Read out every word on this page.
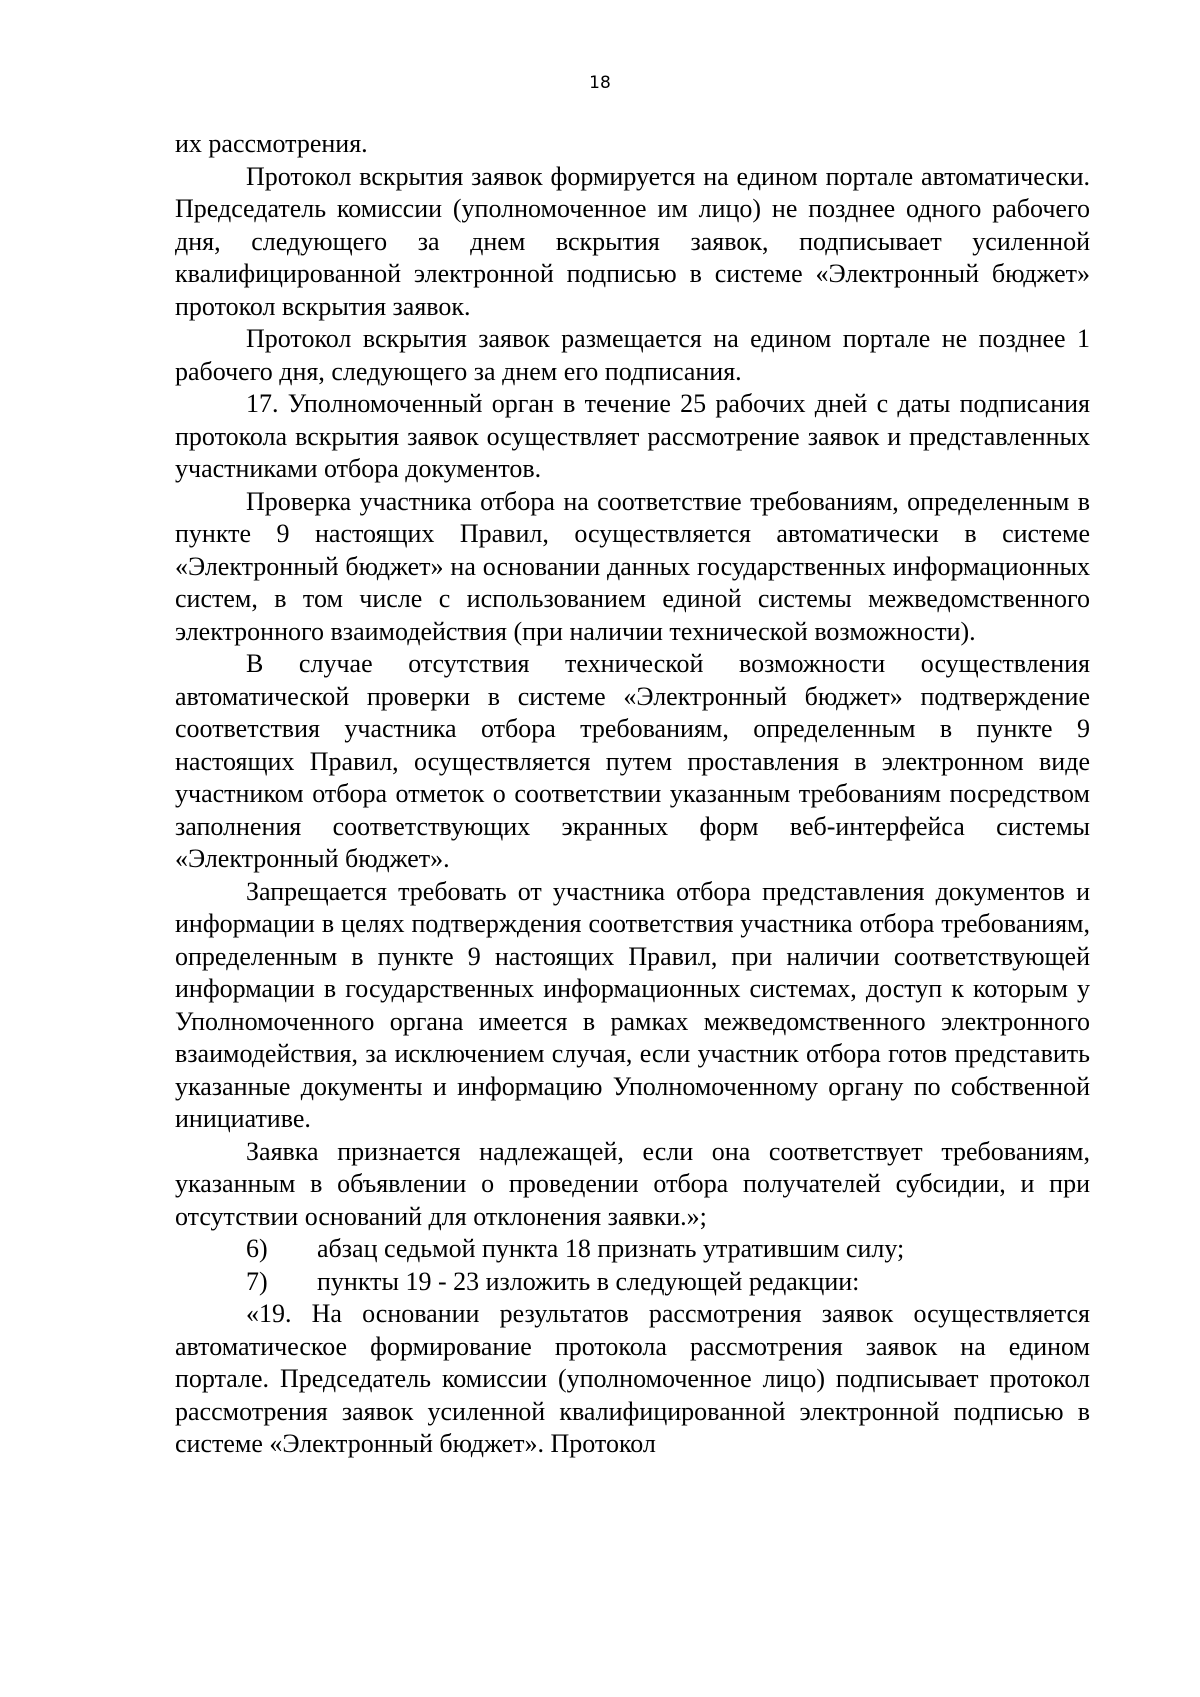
18

их рассмотрения.

Протокол вскрытия заявок формируется на едином портале автоматически. Председатель комиссии (уполномоченное им лицо) не позднее одного рабочего дня, следующего за днем вскрытия заявок, подписывает усиленной квалифицированной электронной подписью в системе «Электронный бюджет» протокол вскрытия заявок.

Протокол вскрытия заявок размещается на едином портале не позднее 1 рабочего дня, следующего за днем его подписания.

17. Уполномоченный орган в течение 25 рабочих дней с даты подписания протокола вскрытия заявок осуществляет рассмотрение заявок и представленных участниками отбора документов.

Проверка участника отбора на соответствие требованиям, определенным в пункте 9 настоящих Правил, осуществляется автоматически в системе «Электронный бюджет» на основании данных государственных информационных систем, в том числе с использованием единой системы межведомственного электронного взаимодействия (при наличии технической возможности).

В случае отсутствия технической возможности осуществления автоматической проверки в системе «Электронный бюджет» подтверждение соответствия участника отбора требованиям, определенным в пункте 9 настоящих Правил, осуществляется путем проставления в электронном виде участником отбора отметок о соответствии указанным требованиям посредством заполнения соответствующих экранных форм веб-интерфейса системы «Электронный бюджет».

Запрещается требовать от участника отбора представления документов и информации в целях подтверждения соответствия участника отбора требованиям, определенным в пункте 9 настоящих Правил, при наличии соответствующей информации в государственных информационных системах, доступ к которым у Уполномоченного органа имеется в рамках межведомственного электронного взаимодействия, за исключением случая, если участник отбора готов представить указанные документы и информацию Уполномоченному органу по собственной инициативе.

Заявка признается надлежащей, если она соответствует требованиям, указанным в объявлении о проведении отбора получателей субсидии, и при отсутствии оснований для отклонения заявки.»;

6) абзац седьмой пункта 18 признать утратившим силу;

7) пункты 19 - 23 изложить в следующей редакции:

«19. На основании результатов рассмотрения заявок осуществляется автоматическое формирование протокола рассмотрения заявок на едином портале. Председатель комиссии (уполномоченное лицо) подписывает протокол рассмотрения заявок усиленной квалифицированной электронной подписью в системе «Электронный бюджет». Протокол
